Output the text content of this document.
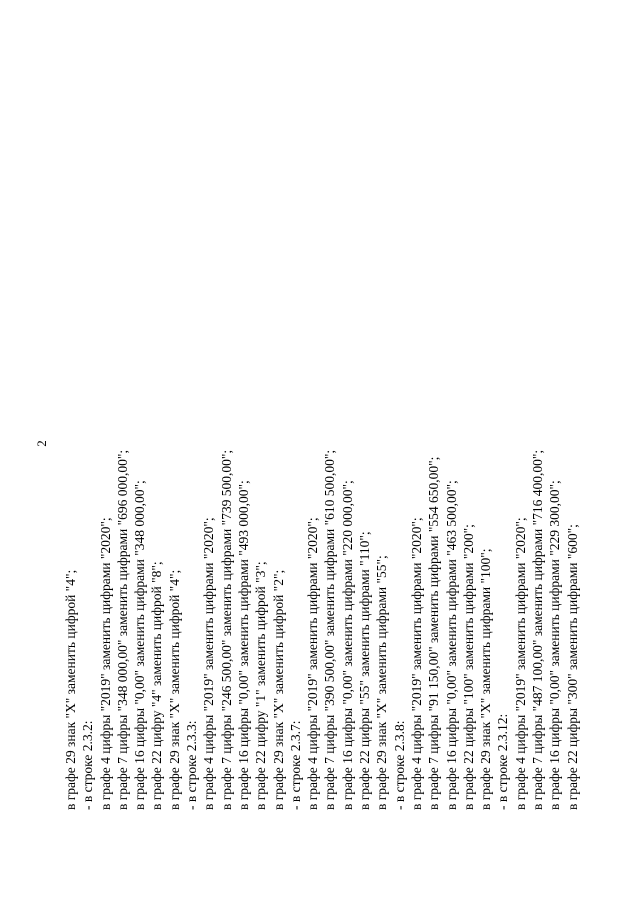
2
в графе 29 знак "X" заменить цифрой "4"; - в строке 2.3.2: в графе 4 цифры "2019" заменить цифрами "2020"; в графе 7 цифры "348 000,00" заменить цифрами "696 000,00"; в графе 16 цифры "0,00" заменить цифрами "348 000,00"; в графе 22 цифру "4" заменить цифрой "8"; в графе 29 знак "X" заменить цифрой "4"; - в строке 2.3.3: в графе 4 цифры "2019" заменить цифрами "2020"; в графе 7 цифры "246 500,00" заменить цифрами "739 500,00"; в графе 16 цифры "0,00" заменить цифрами "493 000,00"; в графе 22 цифру "1" заменить цифрой "3"; в графе 29 знак "X" заменить цифрой "2"; - в строке 2.3.7: в графе 4 цифры "2019" заменить цифрами "2020"; в графе 7 цифры "390 500,00" заменить цифрами "610 500,00"; в графе 16 цифры "0,00" заменить цифрами "220 000,00"; в графе 22 цифры "55" заменить цифрами "110"; в графе 29 знак "X" заменить цифрами "55"; - в строке 2.3.8: в графе 4 цифры "2019" заменить цифрами "2020"; в графе 7 цифры "91 150,00" заменить цифрами "554 650,00"; в графе 16 цифры "0,00" заменить цифрами "463 500,00"; в графе 22 цифры "100" заменить цифрами "200"; в графе 29 знак "X" заменить цифрами "100"; - в строке 2.3.12: в графе 4 цифры "2019" заменить цифрами "2020"; в графе 7 цифры "487 100,00" заменить цифрами "716 400,00"; в графе 16 цифры "0,00" заменить цифрами "229 300,00"; в графе 22 цифры "300" заменить цифрами "600";
